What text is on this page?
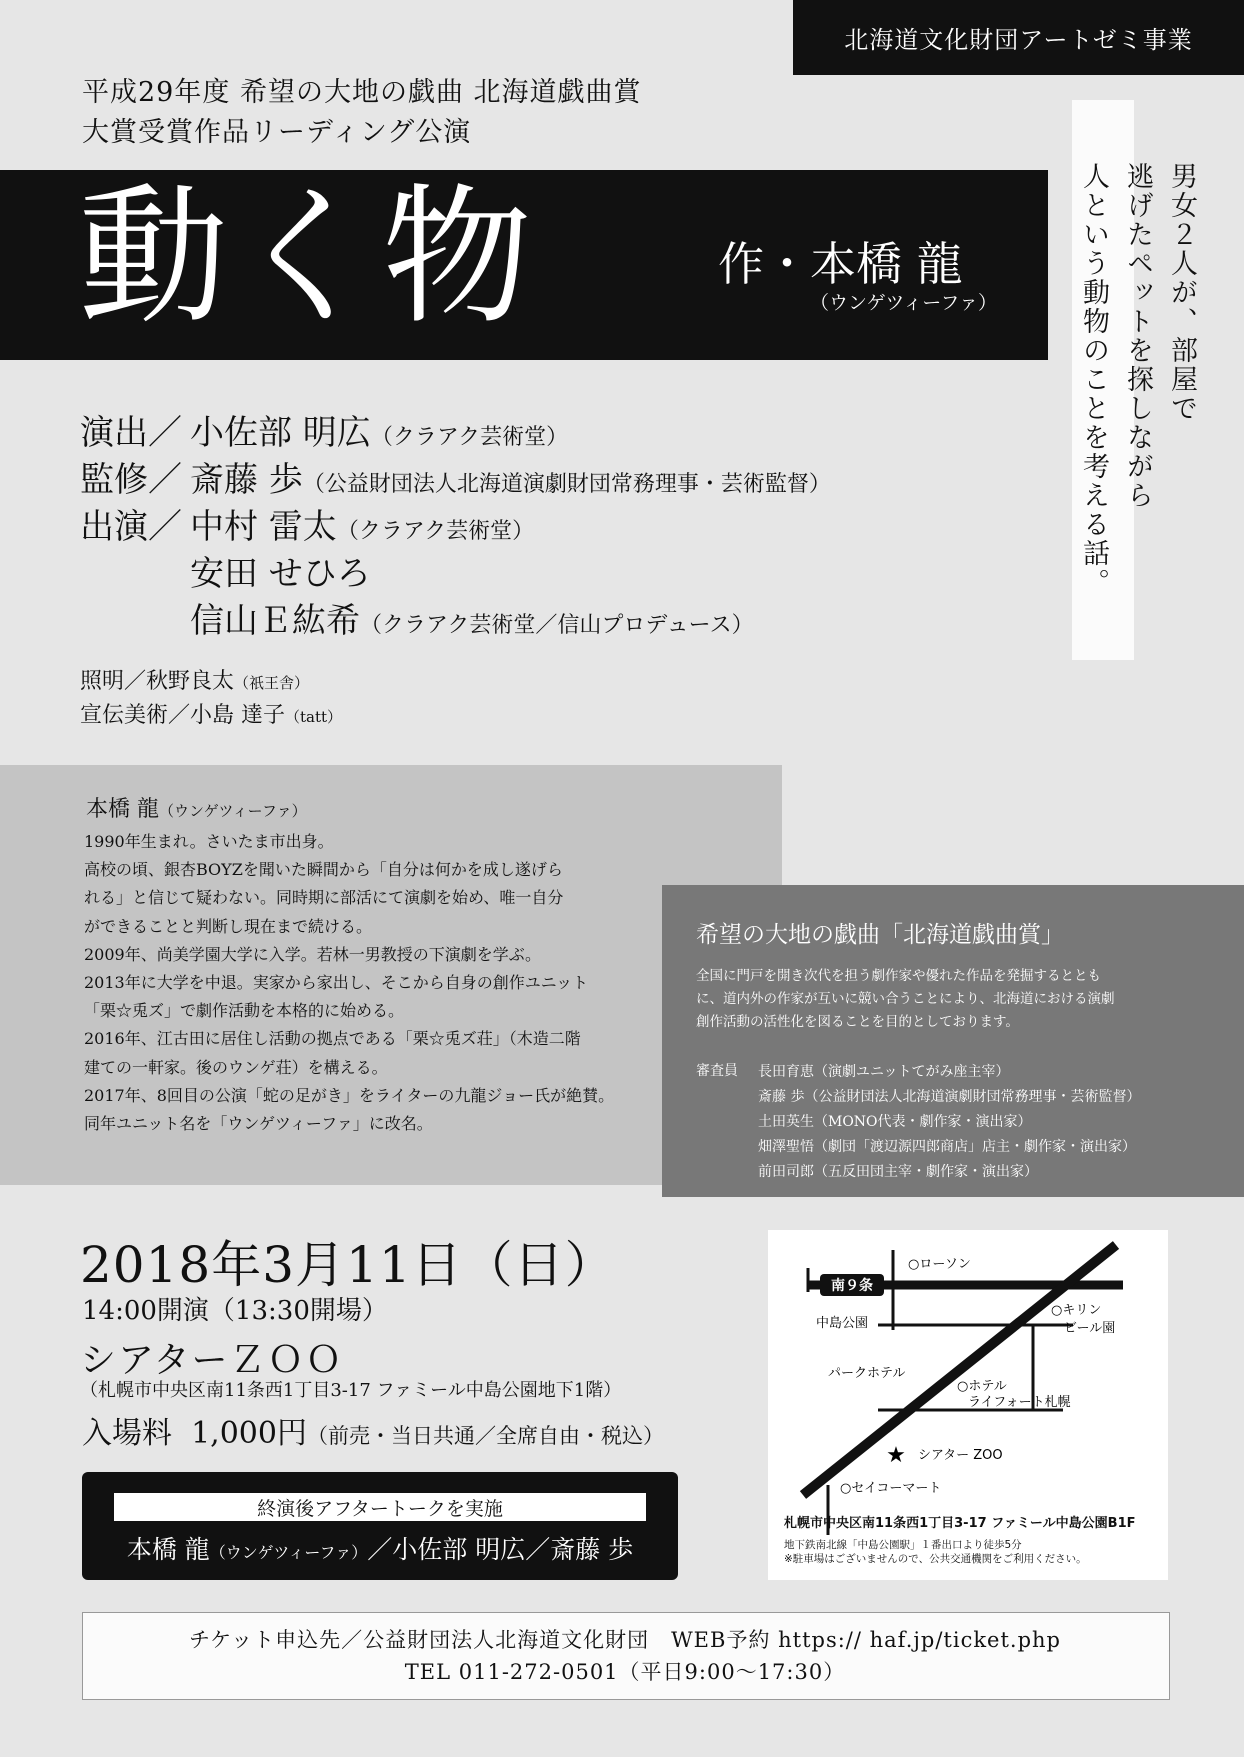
北海道文化財団アートゼミ事業
平成29年度 希望の大地の戯曲 北海道戯曲賞
大賞受賞作品リーディング公演
動く物	作・本橋 龍
（ウンゲツィーファ）	男女２人が、部屋で
逃げたペットを探しながら
人という動物のことを考える話。
演出／ 小佐部 明広（クラアク芸術堂）
監修／ 斎藤 歩（公益財団法人北海道演劇財団常務理事・芸術監督）
出演／ 中村 雷太（クラアク芸術堂）
安田 せひろ
信山Ｅ紘希（クラアク芸術堂／信山プロデュース）
照明／秋野良太（祇王舎）
宣伝美術／小島 達子（tatt）
本橋 龍（ウンゲツィーファ）
1990年生まれ。さいたま市出身。
高校の頃、銀杏BOYZを聞いた瞬間から「自分は何かを成し遂げら
れる」と信じて疑わない。同時期に部活にて演劇を始め、唯一自分
ができることと判断し現在まで続ける。
2009年、尚美学園大学に入学。若林一男教授の下演劇を学ぶ。
2013年に大学を中退。実家から家出し、そこから自身の創作ユニット
「栗☆兎ズ」で劇作活動を本格的に始める。
2016年、江古田に居住し活動の拠点である「栗☆兎ズ荘」（木造二階
建ての一軒家。後のウンゲ荘）を構える。
2017年、8回目の公演「蛇の足がき」をライターの九龍ジョー氏が絶賛。
同年ユニット名を「ウンゲツィーファ」に改名。
希望の大地の戯曲「北海道戯曲賞」
全国に門戸を開き次代を担う劇作家や優れた作品を発掘するととも
に、道内外の作家が互いに競い合うことにより、北海道における演劇
創作活動の活性化を図ることを目的としております。
審査員 長田育恵（演劇ユニットてがみ座主宰）
斎藤 歩（公益財団法人北海道演劇財団常務理事・芸術監督）
土田英生（MONO代表・劇作家・演出家）
畑澤聖悟（劇団「渡辺源四郎商店」店主・劇作家・演出家）
前田司郎（五反田団主宰・劇作家・演出家）
2018年3月11日（日）
14:00開演（13:30開場）
シアターＺＯＯ
（札幌市中央区南11条西1丁目3-17 ファミール中島公園地下1階）
入場料 1,000円（前売・当日共通／全席自由・税込）
終演後アフタートークを実施
本橋 龍（ウンゲツィーファ）／小佐部 明広／斎藤 歩
南９条
○ローソン
中島公園
○キリン
ビール園
パークホテル
○ホテル
ライフォート札幌
★ シアター ZOO
○セイコーマート
札幌市中央区南11条西1丁目3-17 ファミール中島公園B1F
地下鉄南北線「中島公園駅」１番出口より徒歩5分
※駐車場はございませんので、公共交通機関をご利用ください。
チケット申込先／公益財団法人北海道文化財団　WEB予約 https:// haf.jp/ticket.php
TEL 011-272-0501（平日9:00〜17:30）
